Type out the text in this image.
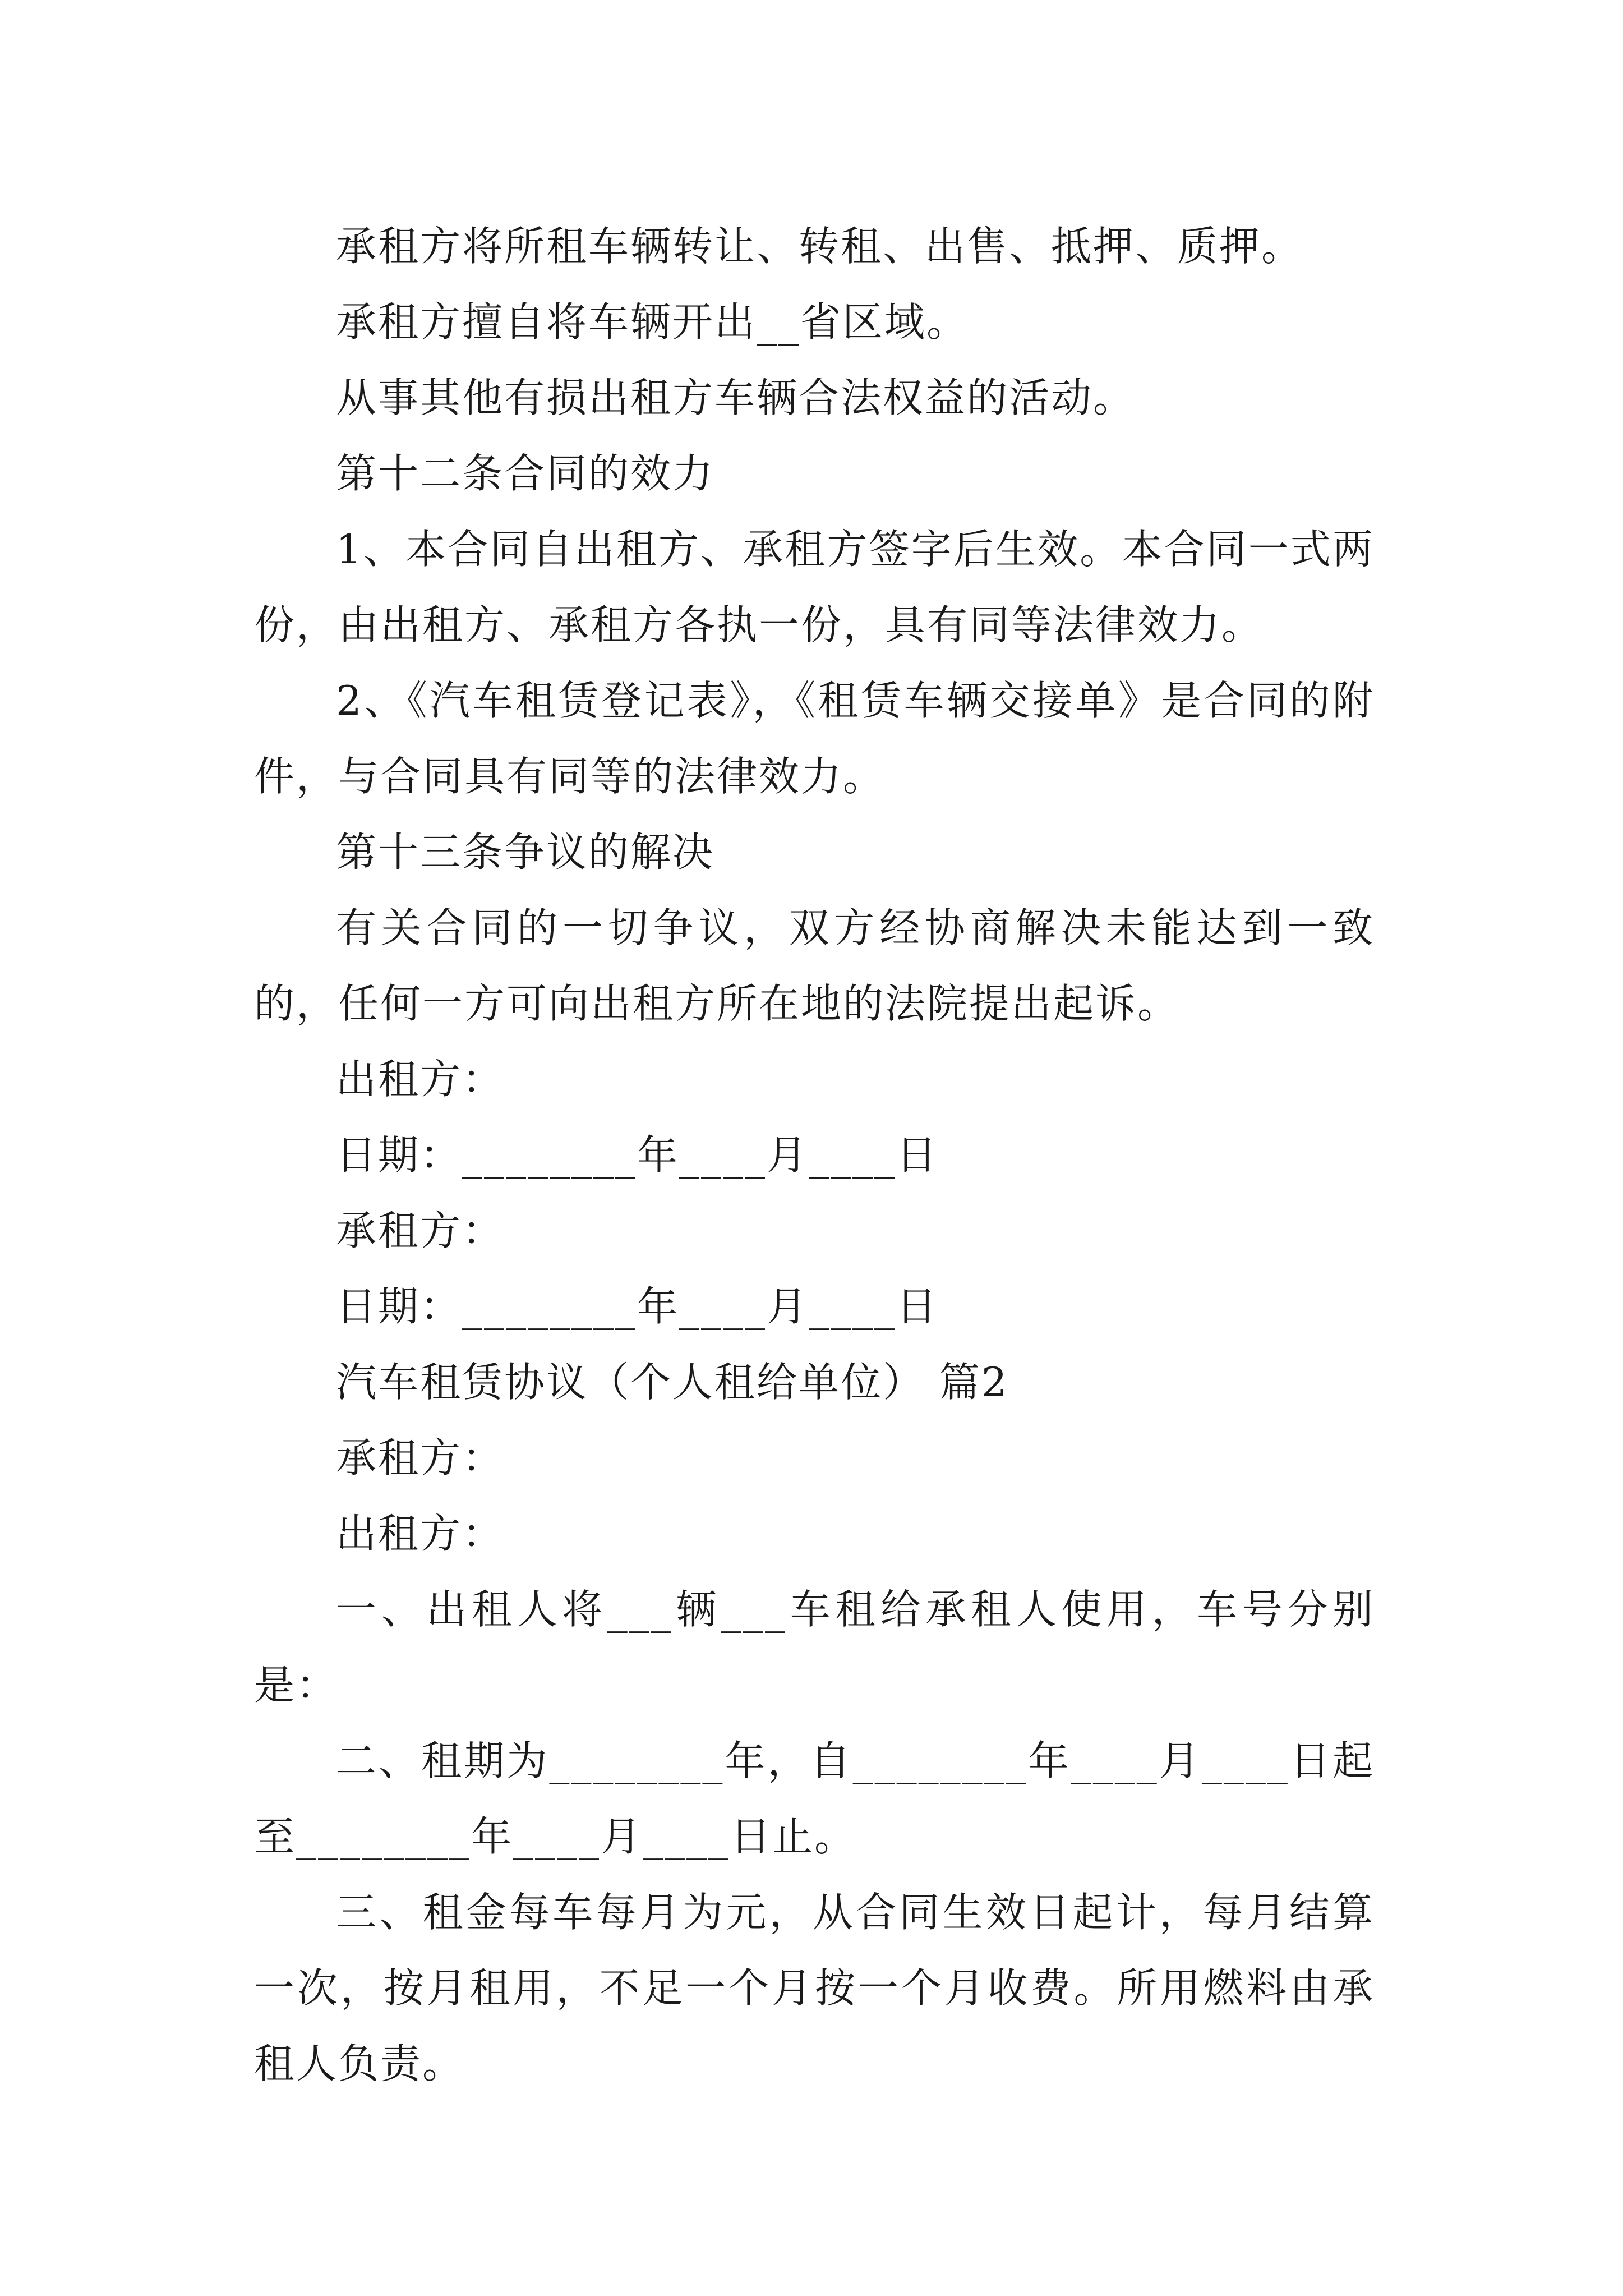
承租方将所租车辆转让、转租、出售、抵押、质押。

承租方擅自将车辆开出__省区域。

从事其他有损出租方车辆合法权益的活动。

第十二条合同的效力

1、本合同自出租方、承租方签字后生效。本合同一式两份，由出租方、承租方各执一份，具有同等法律效力。

2、《汽车租赁登记表》，《租赁车辆交接单》是合同的附件，与合同具有同等的法律效力。

第十三条争议的解决

有关合同的一切争议，双方经协商解决未能达到一致的，任何一方可向出租方所在地的法院提出起诉。

出租方：

日期：________年____月____日

承租方：

日期：________年____月____日

汽车租赁协议（个人租给单位） 篇2

承租方：

出租方：

一、出租人将___辆___车租给承租人使用，车号分别是：

二、租期为________年，自________年____月____日起至________年____月____日止。

三、租金每车每月为元，从合同生效日起计，每月结算一次，按月租用，不足一个月按一个月收费。所用燃料由承租人负责。
